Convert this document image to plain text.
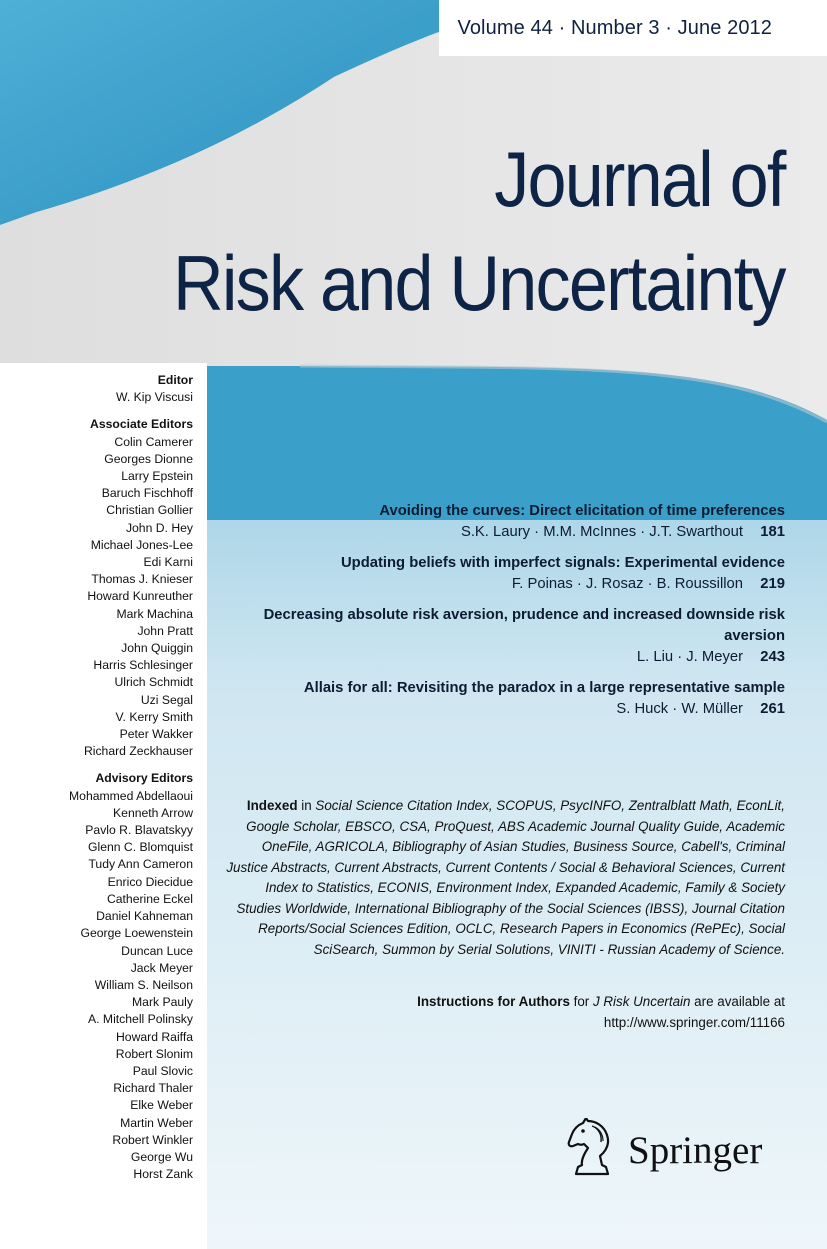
Volume 44 · Number 3 · June 2012
Journal of
Risk and Uncertainty
Editor
W. Kip Viscusi
Associate Editors
Colin Camerer
Georges Dionne
Larry Epstein
Baruch Fischhoff
Christian Gollier
John D. Hey
Michael Jones-Lee
Edi Karni
Thomas J. Knieser
Howard Kunreuther
Mark Machina
John Pratt
John Quiggin
Harris Schlesinger
Ulrich Schmidt
Uzi Segal
V. Kerry Smith
Peter Wakker
Richard Zeckhauser
Advisory Editors
Mohammed Abdellaoui
Kenneth Arrow
Pavlo R. Blavatskyy
Glenn C. Blomquist
Tudy Ann Cameron
Enrico Diecidue
Catherine Eckel
Daniel Kahneman
George Loewenstein
Duncan Luce
Jack Meyer
William S. Neilson
Mark Pauly
A. Mitchell Polinsky
Howard Raiffa
Robert Slonim
Paul Slovic
Richard Thaler
Elke Weber
Martin Weber
Robert Winkler
George Wu
Horst Zank
Avoiding the curves: Direct elicitation of time preferences
S.K. Laury · M.M. McInnes · J.T. Swarthout 181
Updating beliefs with imperfect signals: Experimental evidence
F. Poinas · J. Rosaz · B. Roussillon 219
Decreasing absolute risk aversion, prudence and increased downside risk aversion
L. Liu · J. Meyer 243
Allais for all: Revisiting the paradox in a large representative sample
S. Huck · W. Müller 261
Indexed in Social Science Citation Index, SCOPUS, PsycINFO, Zentralblatt Math, EconLit, Google Scholar, EBSCO, CSA, ProQuest, ABS Academic Journal Quality Guide, Academic OneFile, AGRICOLA, Bibliography of Asian Studies, Business Source, Cabell's, Criminal Justice Abstracts, Current Abstracts, Current Contents / Social & Behavioral Sciences, Current Index to Statistics, ECONIS, Environment Index, Expanded Academic, Family & Society Studies Worldwide, International Bibliography of the Social Sciences (IBSS), Journal Citation Reports/Social Sciences Edition, OCLC, Research Papers in Economics (RePEc), Social SciSearch, Summon by Serial Solutions, VINITI - Russian Academy of Science.
Instructions for Authors for J Risk Uncertain are available at
http://www.springer.com/11166
Springer
